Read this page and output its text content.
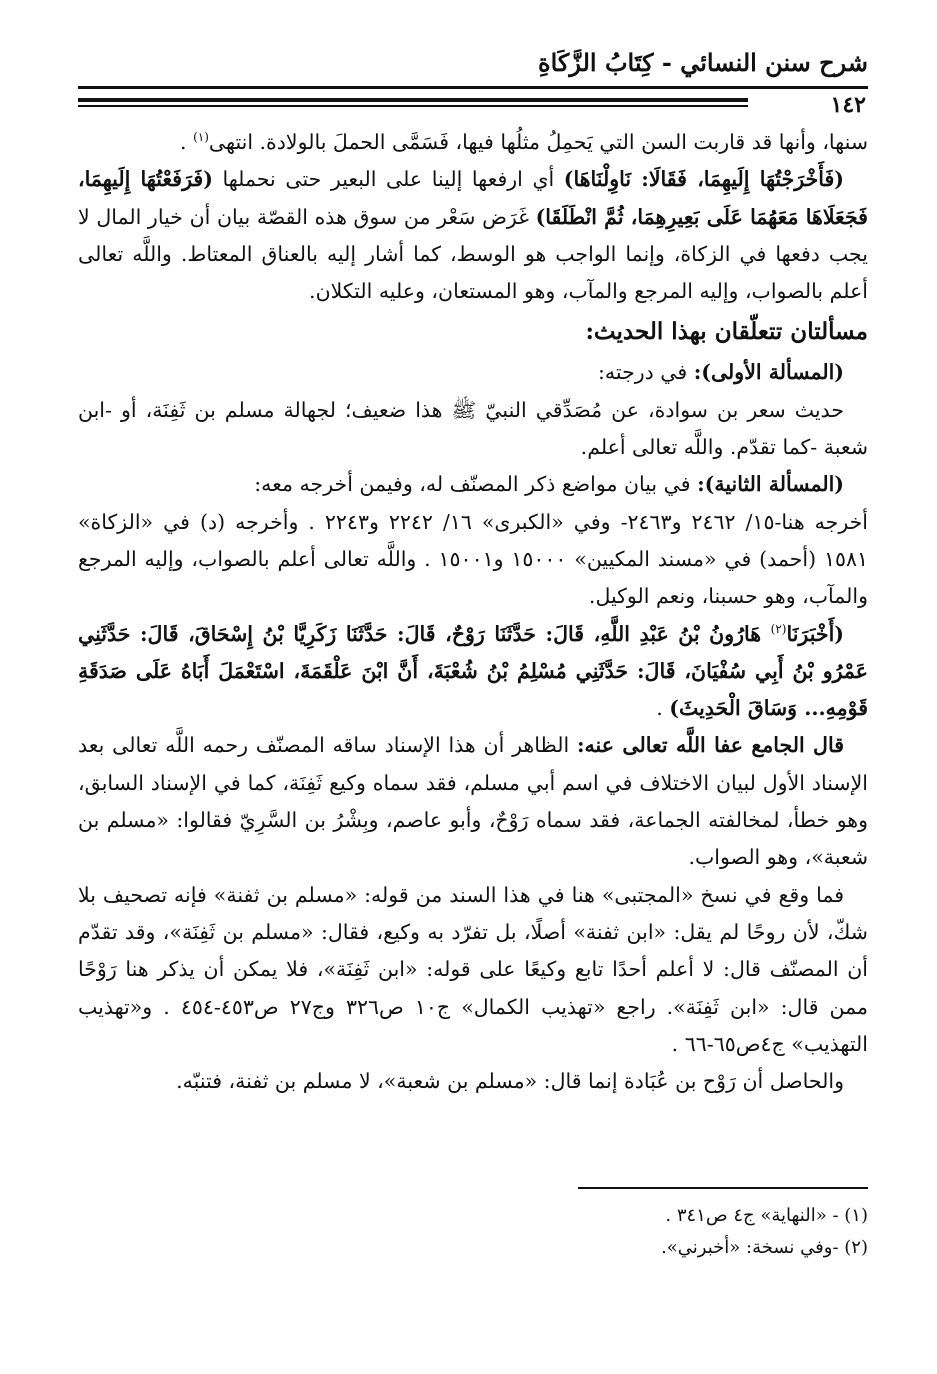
شرح سنن النسائي - كِتَابُ الزَّكَاةِ
١٤٢

سنها، وأنها قد قاربت السن التي يَحمِلُ مثلُها فيها، فَسَمَّى الحملَ بالولادة. انتهى$^{(١)}$ .

(فَأَخْرَجْتُهَا إِلَيهِمَا، فَقَالَا: نَاوِلْنَاهَا) أي ارفعها إلينا على البعير حتى نحملها (فَرَفَعْتُهَا إِلَيهِمَا، فَجَعَلَاهَا مَعَهُمَا عَلَى بَعِيرِهِمَا، ثُمَّ انْطَلَقَا) غَرَض سَعْر من سوق هذه القصّة بيان أن خيار المال لا يجب دفعها في الزكاة، وإنما الواجب هو الوسط، كما أشار إليه بالعناق المعتاط. واللَّه تعالى أعلم بالصواب، وإليه المرجع والمآب، وهو المستعان، وعليه التكلان.

مسألتان تتعلّقان بهذا الحديث:

(المسألة الأولى): في درجته:

حديث سعر بن سوادة، عن مُصَدِّقي النبيّ ﷺ هذا ضعيف؛ لجهالة مسلم بن ثَفِنَة، أو -ابن شعبة -كما تقدّم. واللَّه تعالى أعلم.

(المسألة الثانية): في بيان مواضع ذكر المصنّف له، وفيمن أخرجه معه:

أخرجه هنا-١٥/ ٢٤٦٢ و٢٤٦٣- وفي «الكبرى» ١٦/ ٢٢٤٢ و٢٢٤٣ . وأخرجه (د) في «الزكاة» ١٥٨١ (أحمد) في «مسند المكيين» ١٥٠٠٠ و١٥٠٠١ . واللَّه تعالى أعلم بالصواب، وإليه المرجع والمآب، وهو حسبنا، ونعم الوكيل.

(أَخْبَرَنَا$^{(٢)}$ هَارُونُ بْنُ عَبْدِ اللَّهِ، قَالَ: حَدَّثَنَا رَوْحٌ، قَالَ: حَدَّثَنَا زَكَرِيَّا بْنُ إِسْحَاقَ، قَالَ: حَدَّثَنِي عَمْرُو بْنُ أَبِي سُفْيَانَ، قَالَ: حَدَّثَنِي مُسْلِمُ بْنُ شُعْبَةَ، أَنَّ ابْنَ عَلْقَمَةَ، اسْتَعْمَلَ أَبَاهُ عَلَى صَدَقَةِ قَوْمِهِ... وَسَاقَ الْحَدِيثَ) .

قال الجامع عفا اللَّه تعالى عنه: الظاهر أن هذا الإسناد ساقه المصنّف رحمه اللَّه تعالى بعد الإسناد الأول لبيان الاختلاف في اسم أبي مسلم، فقد سماه وكيع ثَفِنَة، كما في الإسناد السابق، وهو خطأ، لمخالفته الجماعة، فقد سماه رَوْحٌ، وأبو عاصم، وبِشْرُ بن السَّرِيّ فقالوا: «مسلم بن شعبة»، وهو الصواب.

فما وقع في نسخ «المجتبى» هنا في هذا السند من قوله: «مسلم بن ثفنة» فإنه تصحيف بلا شكّ، لأن روحًا لم يقل: «ابن ثفنة» أصلًا، بل تفرّد به وكيع، فقال: «مسلم بن ثَفِنَة»، وقد تقدّم أن المصنّف قال: لا أعلم أحدًا تابع وكيعًا على قوله: «ابن ثَفِنَة»، فلا يمكن أن يذكر هنا رَوْحًا ممن قال: «ابن ثَفِنَة». راجع «تهذيب الكمال» ج١٠ ص٣٢٦ وج٢٧ ص٤٥٣-٤٥٤ . و«تهذيب التهذيب» ج٤ص٦٥-٦٦ .

والحاصل أن رَوْح بن عُبَادة إنما قال: «مسلم بن شعبة»، لا مسلم بن ثفنة، فتنبّه.

(١) - «النهاية» ج٤ ص٣٤١ .

(٢) -وفي نسخة: «أخبرني».
